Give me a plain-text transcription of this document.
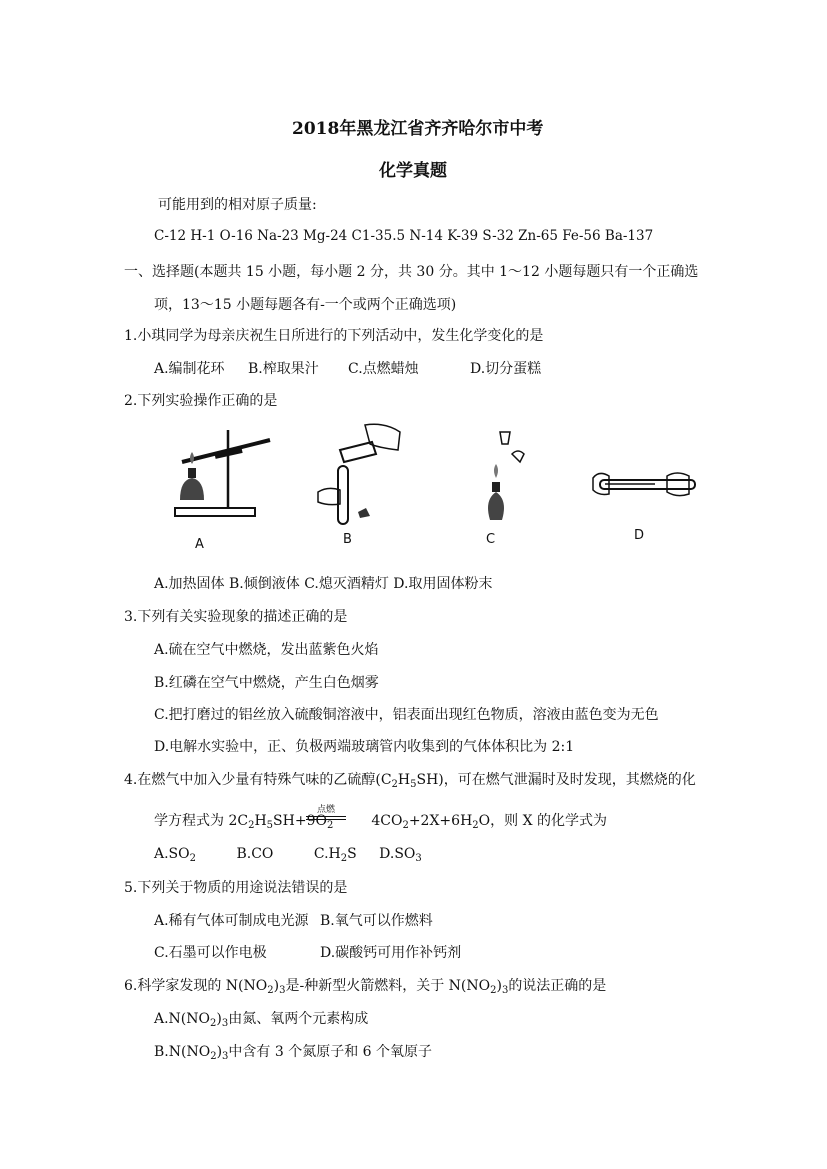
2018年黑龙江省齐齐哈尔市中考
化学真题
可能用到的相对原子质量:
C-12 H-1 O-16 Na-23 Mg-24 C1-35.5 N-14 K-39 S-32 Zn-65 Fe-56 Ba-137
一、选择题(本题共 15 小题，每小题 2 分，共 30 分。其中 1～12 小题每题只有一个正确选
项，13～15 小题每题各有-一个或两个正确选项)
1.小琪同学为母亲庆祝生日所进行的下列活动中，发生化学变化的是
A.编制花环 B.榨取果汁 C.点燃蜡烛	D.切分蛋糕
2.下列实验操作正确的是
A	B	C	D
A.加热固体 B.倾倒液体 C.熄灭酒精灯 D.取用固体粉末
3.下列有关实验现象的描述正确的是
A.硫在空气中燃烧，发出蓝紫色火焰
B.红磷在空气中燃烧，产生白色烟雾
C.把打磨过的铝丝放入硫酸铜溶液中，铝表面出现红色物质，溶液由蓝色变为无色
D.电解水实验中，正、负极两端玻璃管内收集到的气体体积比为 2:1
4.在燃气中加入少量有特殊气味的乙硫醇$(C_2H_5SH)$，可在燃气泄漏时及时发现，其燃烧的化
学方程式为 $2C_2H_5SH+9O_2$	$4CO_2+2X+6H_2O$，则 X 的化学式为
点燃
$A.SO_2$	B.CO	$C.H_2S$ $D.SO_3$
5.下列关于物质的用途说法错误的是
A.稀有气体可制成电光源 B.氧气可以作燃料
C.石墨可以作电极	D.碳酸钙可用作补钙剂
6.科学家发现的 $N(NO_2)_3$是-种新型火箭燃料，关于 $N(NO_2)_3$的说法正确的是
$A.N(NO_2)_3$由氮、氧两个元素构成
$B.N(NO_2)_3$中含有 3 个氮原子和 6 个氧原子
